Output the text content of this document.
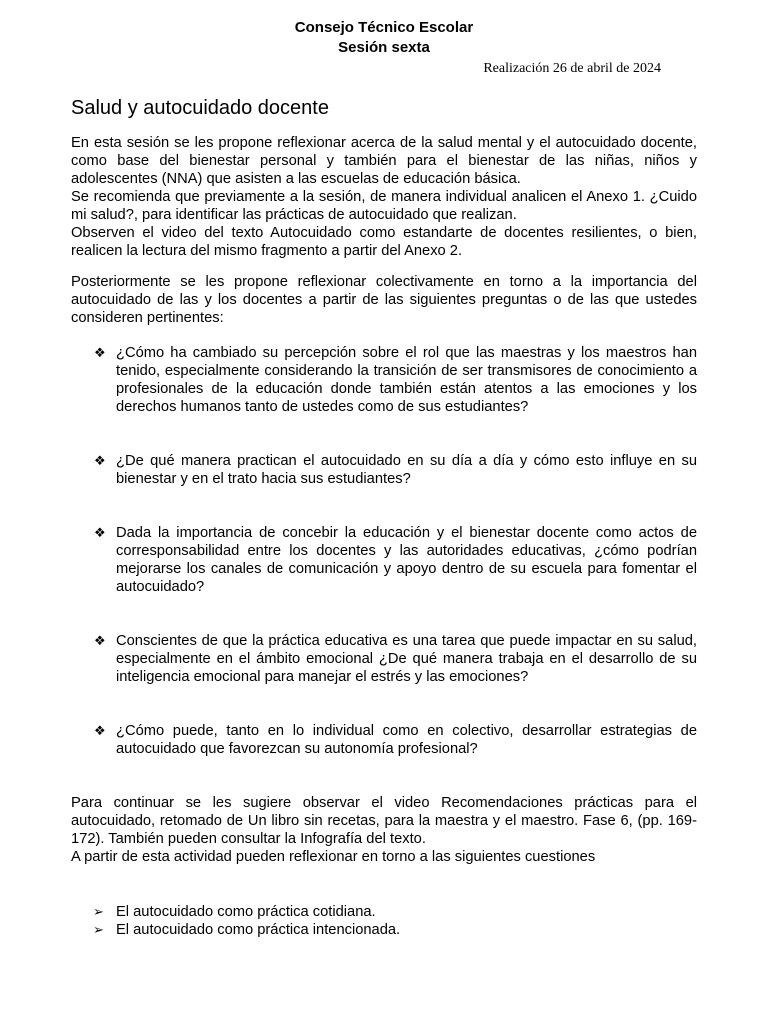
Consejo Técnico Escolar
Sesión sexta
Realización 26 de abril de 2024
Salud y autocuidado docente

En esta sesión se les propone reflexionar acerca de la salud mental y el autocuidado docente, como base del bienestar personal y también para el bienestar de las niñas, niños y adolescentes (NNA) que asisten a las escuelas de educación básica.

Se recomienda que previamente a la sesión, de manera individual analicen el Anexo 1. ¿Cuido mi salud?, para identificar las prácticas de autocuidado que realizan.

Observen el video del texto Autocuidado como estandarte de docentes resilientes, o bien, realicen la lectura del mismo fragmento a partir del Anexo 2.

Posteriormente se les propone reflexionar colectivamente en torno a la importancia del autocuidado de las y los docentes a partir de las siguientes preguntas o de las que ustedes consideren pertinentes:

❖ ¿Cómo ha cambiado su percepción sobre el rol que las maestras y los maestros han tenido, especialmente considerando la transición de ser transmisores de conocimiento a profesionales de la educación donde también están atentos a las emociones y los derechos humanos tanto de ustedes como de sus estudiantes?
❖ ¿De qué manera practican el autocuidado en su día a día y cómo esto influye en su bienestar y en el trato hacia sus estudiantes?
❖ Dada la importancia de concebir la educación y el bienestar docente como actos de corresponsabilidad entre los docentes y las autoridades educativas, ¿cómo podrían mejorarse los canales de comunicación y apoyo dentro de su escuela para fomentar el autocuidado?
❖ Conscientes de que la práctica educativa es una tarea que puede impactar en su salud, especialmente en el ámbito emocional ¿De qué manera trabaja en el desarrollo de su inteligencia emocional para manejar el estrés y las emociones?
❖ ¿Cómo puede, tanto en lo individual como en colectivo, desarrollar estrategias de autocuidado que favorezcan su autonomía profesional?

Para continuar se les sugiere observar el video Recomendaciones prácticas para el autocuidado, retomado de Un libro sin recetas, para la maestra y el maestro. Fase 6, (pp. 169-172). También pueden consultar la Infografía del texto.

A partir de esta actividad pueden reflexionar en torno a las siguientes cuestiones

➢ El autocuidado como práctica cotidiana.
➢ El autocuidado como práctica intencionada.
